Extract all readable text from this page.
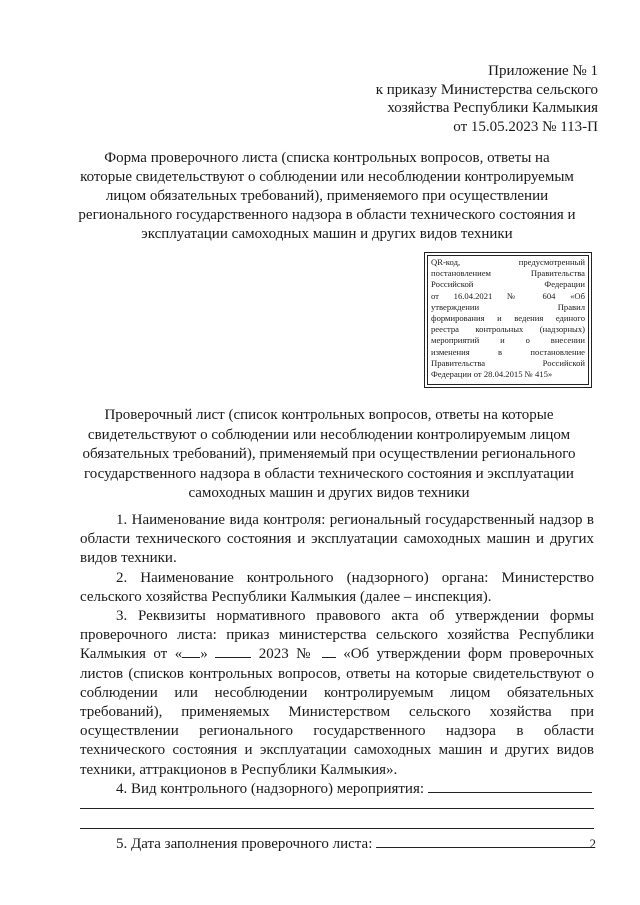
Приложение № 1
к приказу Министерства сельского
хозяйства Республики Калмыкия
от 15.05.2023 № 113-П
Форма проверочного листа (списка контрольных вопросов, ответы на которые свидетельствуют о соблюдении или несоблюдении контролируемым лицом обязательных требований), применяемого при осуществлении регионального государственного надзора в области технического состояния и эксплуатации самоходных машин и других видов техники
QR-код, предусмотренный
постановлением Правительства
Российской Федерации
от 16.04.2021 № 604 «Об
утверждении Правил
формирования и ведения единого
реестра контрольных (надзорных)
мероприятий и о внесении
изменения в постановление
Правительства Российской
Федерации от 28.04.2015 № 415»
Проверочный лист (список контрольных вопросов, ответы на которые свидетельствуют о соблюдении или несоблюдении контролируемым лицом обязательных требований), применяемый при осуществлении регионального государственного надзора в области технического состояния и эксплуатации самоходных машин и других видов техники

1. Наименование вида контроля: региональный государственный надзор в области технического состояния и эксплуатации самоходных машин и других видов техники.

2. Наименование контрольного (надзорного) органа: Министерство сельского хозяйства Республики Калмыкия (далее – инспекция).

3. Реквизиты нормативного правового акта об утверждении формы проверочного листа: приказ министерства сельского хозяйства Республики Калмыкия от « »  2023 №  «Об утверждении форм проверочных листов (списков контрольных вопросов, ответы на которые свидетельствуют о соблюдении или несоблюдении контролируемым лицом обязательных требований), применяемых Министерством сельского хозяйства при осуществлении регионального государственного надзора в области технического состояния и эксплуатации самоходных машин и других видов техники, аттракционов в Республики Калмыкия».

4. Вид контрольного (надзорного) мероприятия:

5. Дата заполнения проверочного листа:	2
